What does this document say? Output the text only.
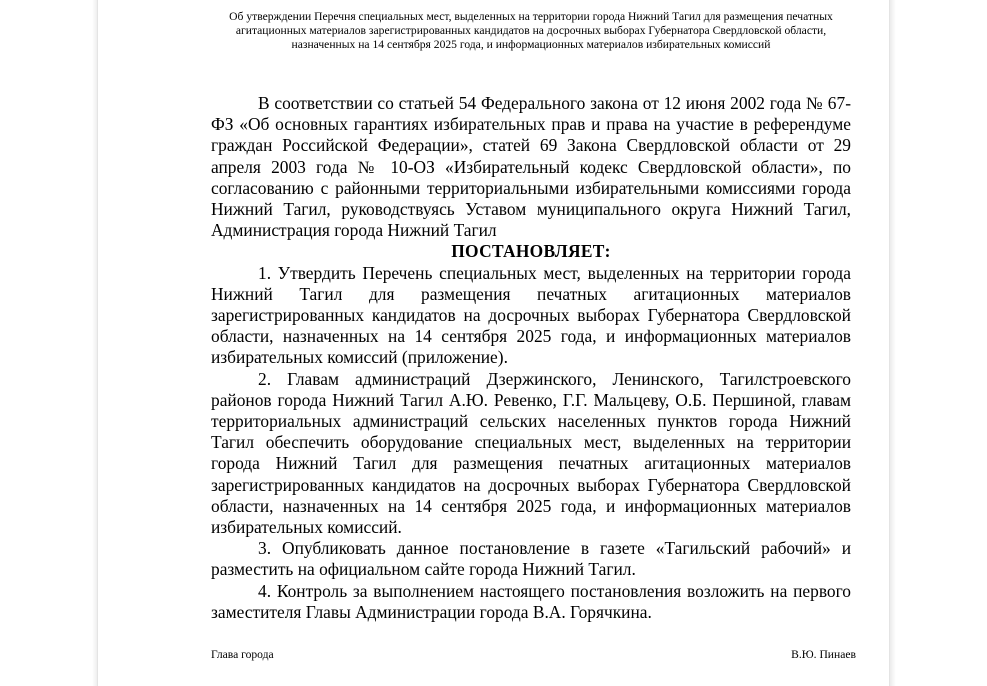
Об утверждении Перечня специальных мест, выделенных на территории города Нижний Тагил для размещения печатных агитационных материалов зарегистрированных кандидатов на досрочных выборах Губернатора Свердловской области, назначенных на 14 сентября 2025 года, и информационных материалов избирательных комиссий

В соответствии со статьей 54 Федерального закона от 12 июня 2002 года № 67-ФЗ «Об основных гарантиях избирательных прав и права на участие в референдуме граждан Российской Федерации», статей 69 Закона Свердловской области от 29 апреля 2003 года № 10-ОЗ «Избирательный кодекс Свердловской области», по согласованию с районными территориальными избирательными комиссиями города Нижний Тагил, руководствуясь Уставом муниципального округа Нижний Тагил, Администрация города Нижний Тагил

ПОСТАНОВЛЯЕТ:

1. Утвердить Перечень специальных мест, выделенных на территории города Нижний Тагил для размещения печатных агитационных материалов зарегистрированных кандидатов на досрочных выборах Губернатора Свердловской области, назначенных на 14 сентября 2025 года, и информационных материалов избирательных комиссий (приложение).

2. Главам администраций Дзержинского, Ленинского, Тагилстроевского районов города Нижний Тагил А.Ю. Ревенко, Г.Г. Мальцеву, О.Б. Першиной, главам территориальных администраций сельских населенных пунктов города Нижний Тагил обеспечить оборудование специальных мест, выделенных на территории города Нижний Тагил для размещения печатных агитационных материалов зарегистрированных кандидатов на досрочных выборах Губернатора Свердловской области, назначенных на 14 сентября 2025 года, и информационных материалов избирательных комиссий.

3. Опубликовать данное постановление в газете «Тагильский рабочий» и разместить на официальном сайте города Нижний Тагил.

4. Контроль за выполнением настоящего постановления возложить на первого заместителя Главы Администрации города В.А. Горячкина.

Глава города	В.Ю. Пинаев
